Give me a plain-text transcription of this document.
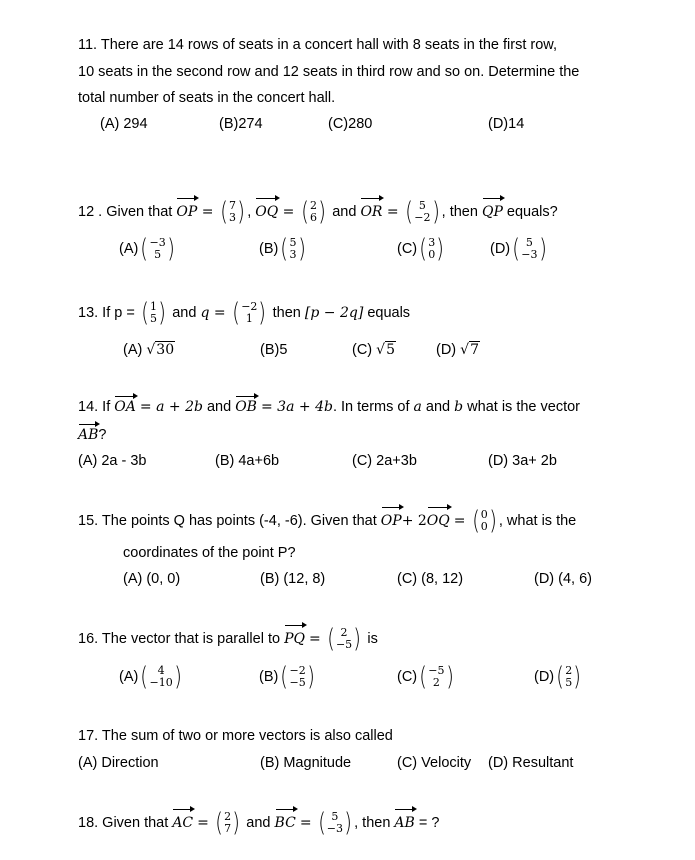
11. There are 14 rows of seats in a concert hall with 8 seats in the first row,
10 seats in the second row and 12 seats in third row and so on. Determine the
total number of seats in the concert hall.
(A) 294	(B)274	(C)280	(D)14
12 . Given that OP = ( 7
3 ) , OQ = ( 2
6 ) and OR = ( 5
−2 ) , then QP equals?
(A) ( −3
5 )	(B) ( 5
3 )	(C) ( 3
0 )	(D) ( 5
−3 )
13. If p = ( 1
5 ) and q = ( −2
1 ) then [p − 2q] equals
(A) √30	(B)5	(C) √5	(D) √7
14. If OA = a + 2b and OB = 3a + 4b. In terms of a and b what is the vector
AB?
(A) 2a - 3b	(B) 4a+6b	(C) 2a+3b	(D) 3a+ 2b
15. The points Q has points (-4, -6). Given that OP+ 2OQ = ( 0
0 ) , what is the
coordinates of the point P?
(A) (0, 0)	(B) (12, 8)	(C) (8, 12)	(D) (4, 6)
16. The vector that is parallel to PQ = ( 2
−5 ) is
(A) ( 4
−10 )	(B) ( −2
−5 )	(C) ( −5
2 )	(D) ( 2
5 )
17. The sum of two or more vectors is also called
(A) Direction	(B) Magnitude	(C) Velocity (D) Resultant
18. Given that AC = ( 2
7 ) and BC = ( 5
−3 ) , then AB = ?
